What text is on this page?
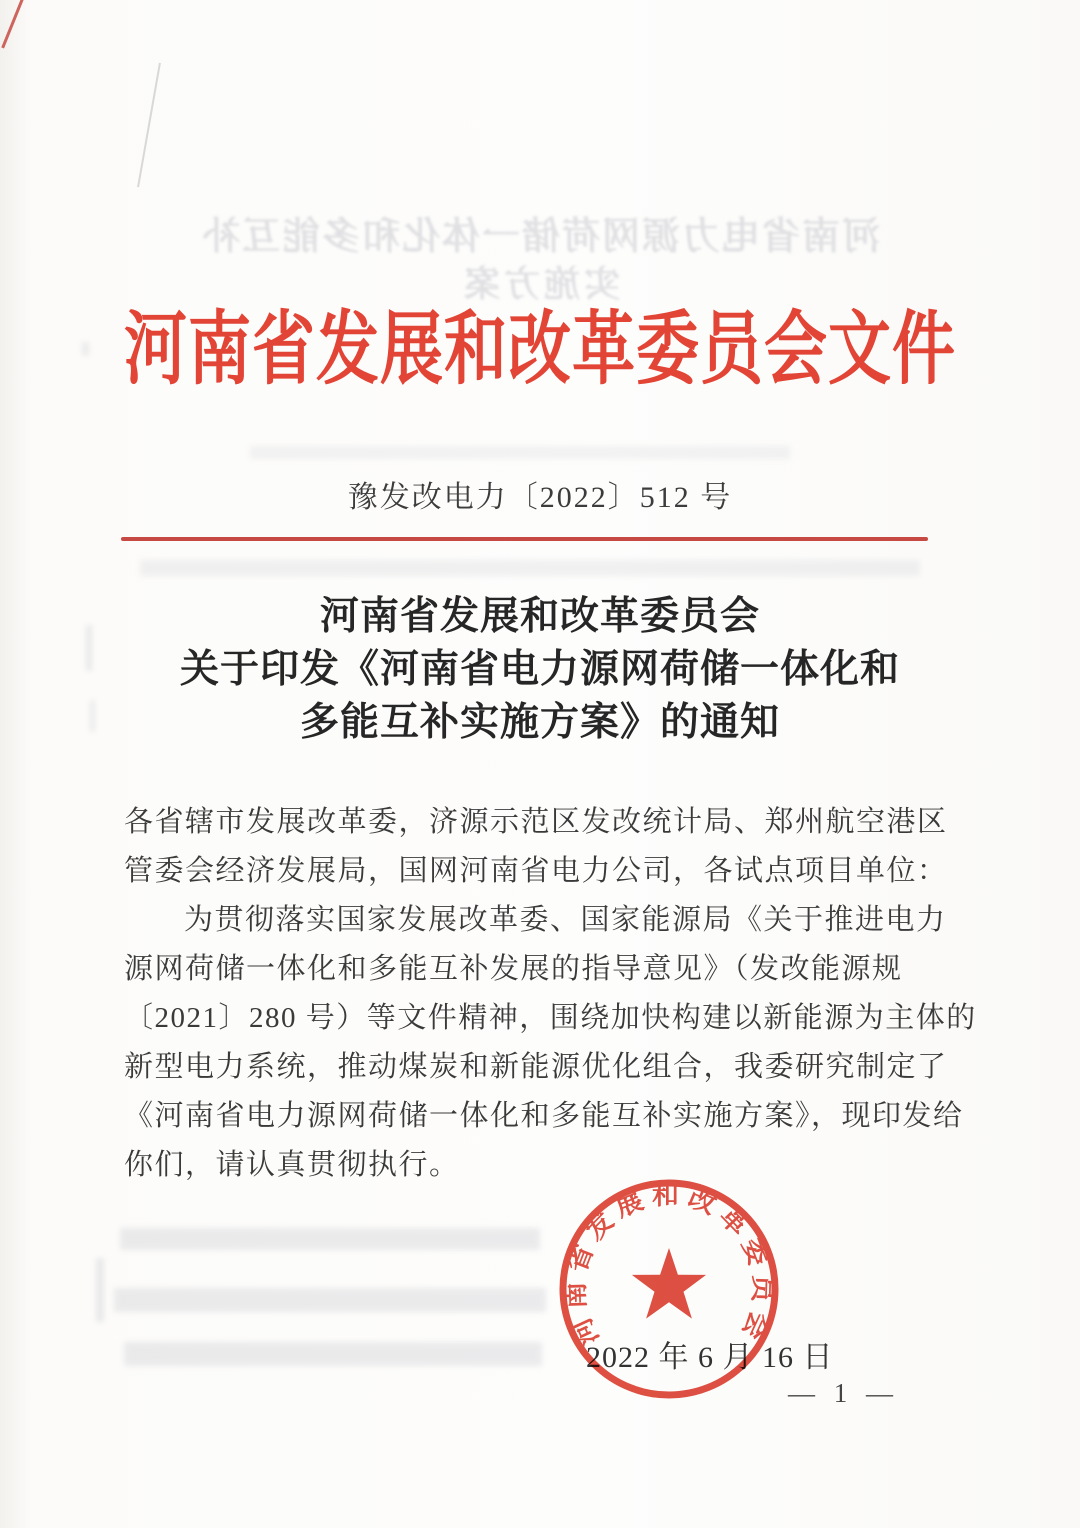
河南省电力源网荷储一体化和多能互补
实施方案
河南省发展和改革委员会文件
豫发改电力〔2022〕512 号
河南省发展和改革委员会
关于印发《河南省电力源网荷储一体化和
多能互补实施方案》的通知
各省辖市发展改革委，济源示范区发改统计局、郑州航空港区
管委会经济发展局，国网河南省电力公司，各试点项目单位：
为贯彻落实国家发展改革委、国家能源局《关于推进电力
源网荷储一体化和多能互补发展的指导意见》（发改能源规
〔2021〕280 号）等文件精神，围绕加快构建以新能源为主体的
新型电力系统，推动煤炭和新能源优化组合，我委研究制定了
《河南省电力源网荷储一体化和多能互补实施方案》，现印发给
你们，请认真贯彻执行。
2022 年 6 月 16 日
河南省发展和改革委员会
— 1 —
